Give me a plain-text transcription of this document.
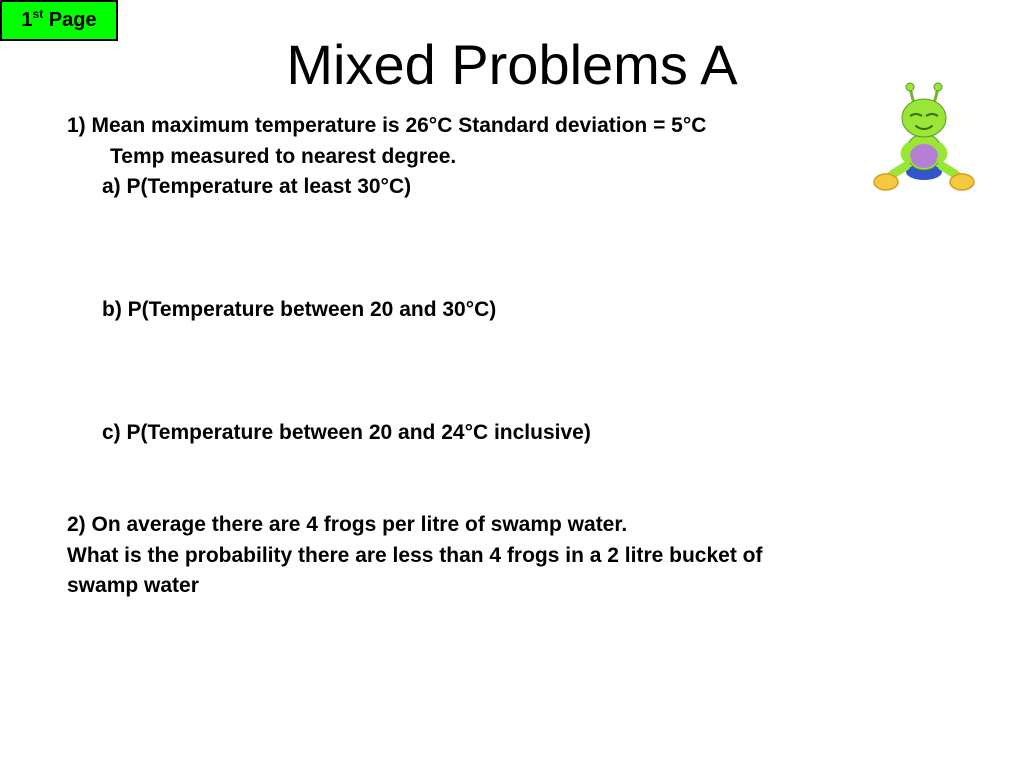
1st Page
Mixed Problems A

1) Mean maximum temperature is 26°C Standard deviation = 5°C

Temp measured to nearest degree.

a) P(Temperature at least 30°C)

b) P(Temperature between 20 and 30°C)

c) P(Temperature between 20 and 24°C inclusive)

2) On average there are 4 frogs per litre of swamp water.

What is the probability there are less than 4 frogs in a 2 litre bucket of

swamp water
